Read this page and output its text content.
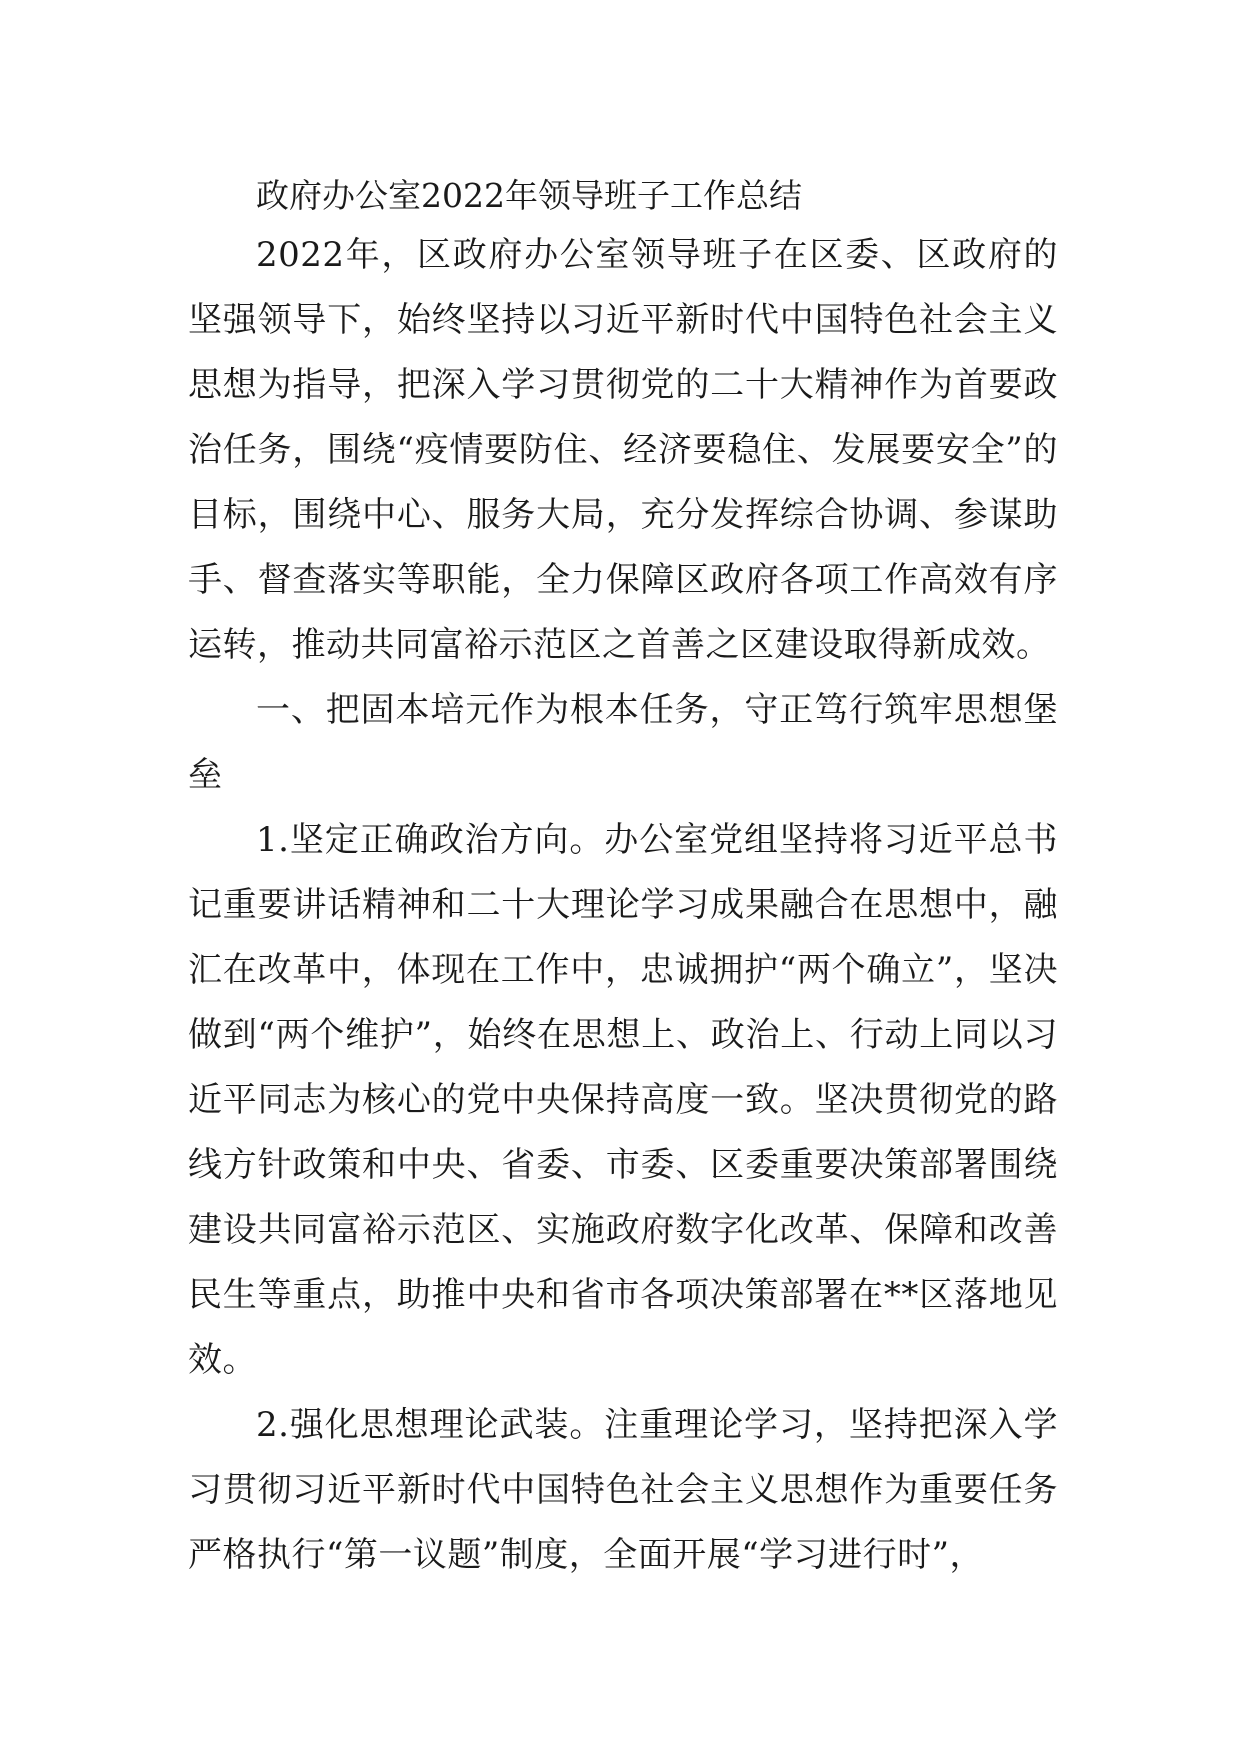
政府办公室2022年领导班子工作总结

2022年，区政府办公室领导班子在区委、区政府的坚强领导下，始终坚持以习近平新时代中国特色社会主义思想为指导，把深入学习贯彻党的二十大精神作为首要政治任务，围绕“疫情要防住、经济要稳住、发展要安全”的目标，围绕中心、服务大局，充分发挥综合协调、参谋助手、督查落实等职能，全力保障区政府各项工作高效有序运转，推动共同富裕示范区之首善之区建设取得新成效。

一、把固本培元作为根本任务，守正笃行筑牢思想堡垒

1.坚定正确政治方向。办公室党组坚持将习近平总书记重要讲话精神和二十大理论学习成果融合在思想中，融汇在改革中，体现在工作中，忠诚拥护“两个确立”，坚决做到“两个维护”，始终在思想上、政治上、行动上同以习近平同志为核心的党中央保持高度一致。坚决贯彻党的路线方针政策和中央、省委、市委、区委重要决策部署围绕建设共同富裕示范区、实施政府数字化改革、保障和改善民生等重点，助推中央和省市各项决策部署在**区落地见效。

2.强化思想理论武装。注重理论学习，坚持把深入学习贯彻习近平新时代中国特色社会主义思想作为重要任务严格执行“第一议题”制度，全面开展“学习进行时”，
